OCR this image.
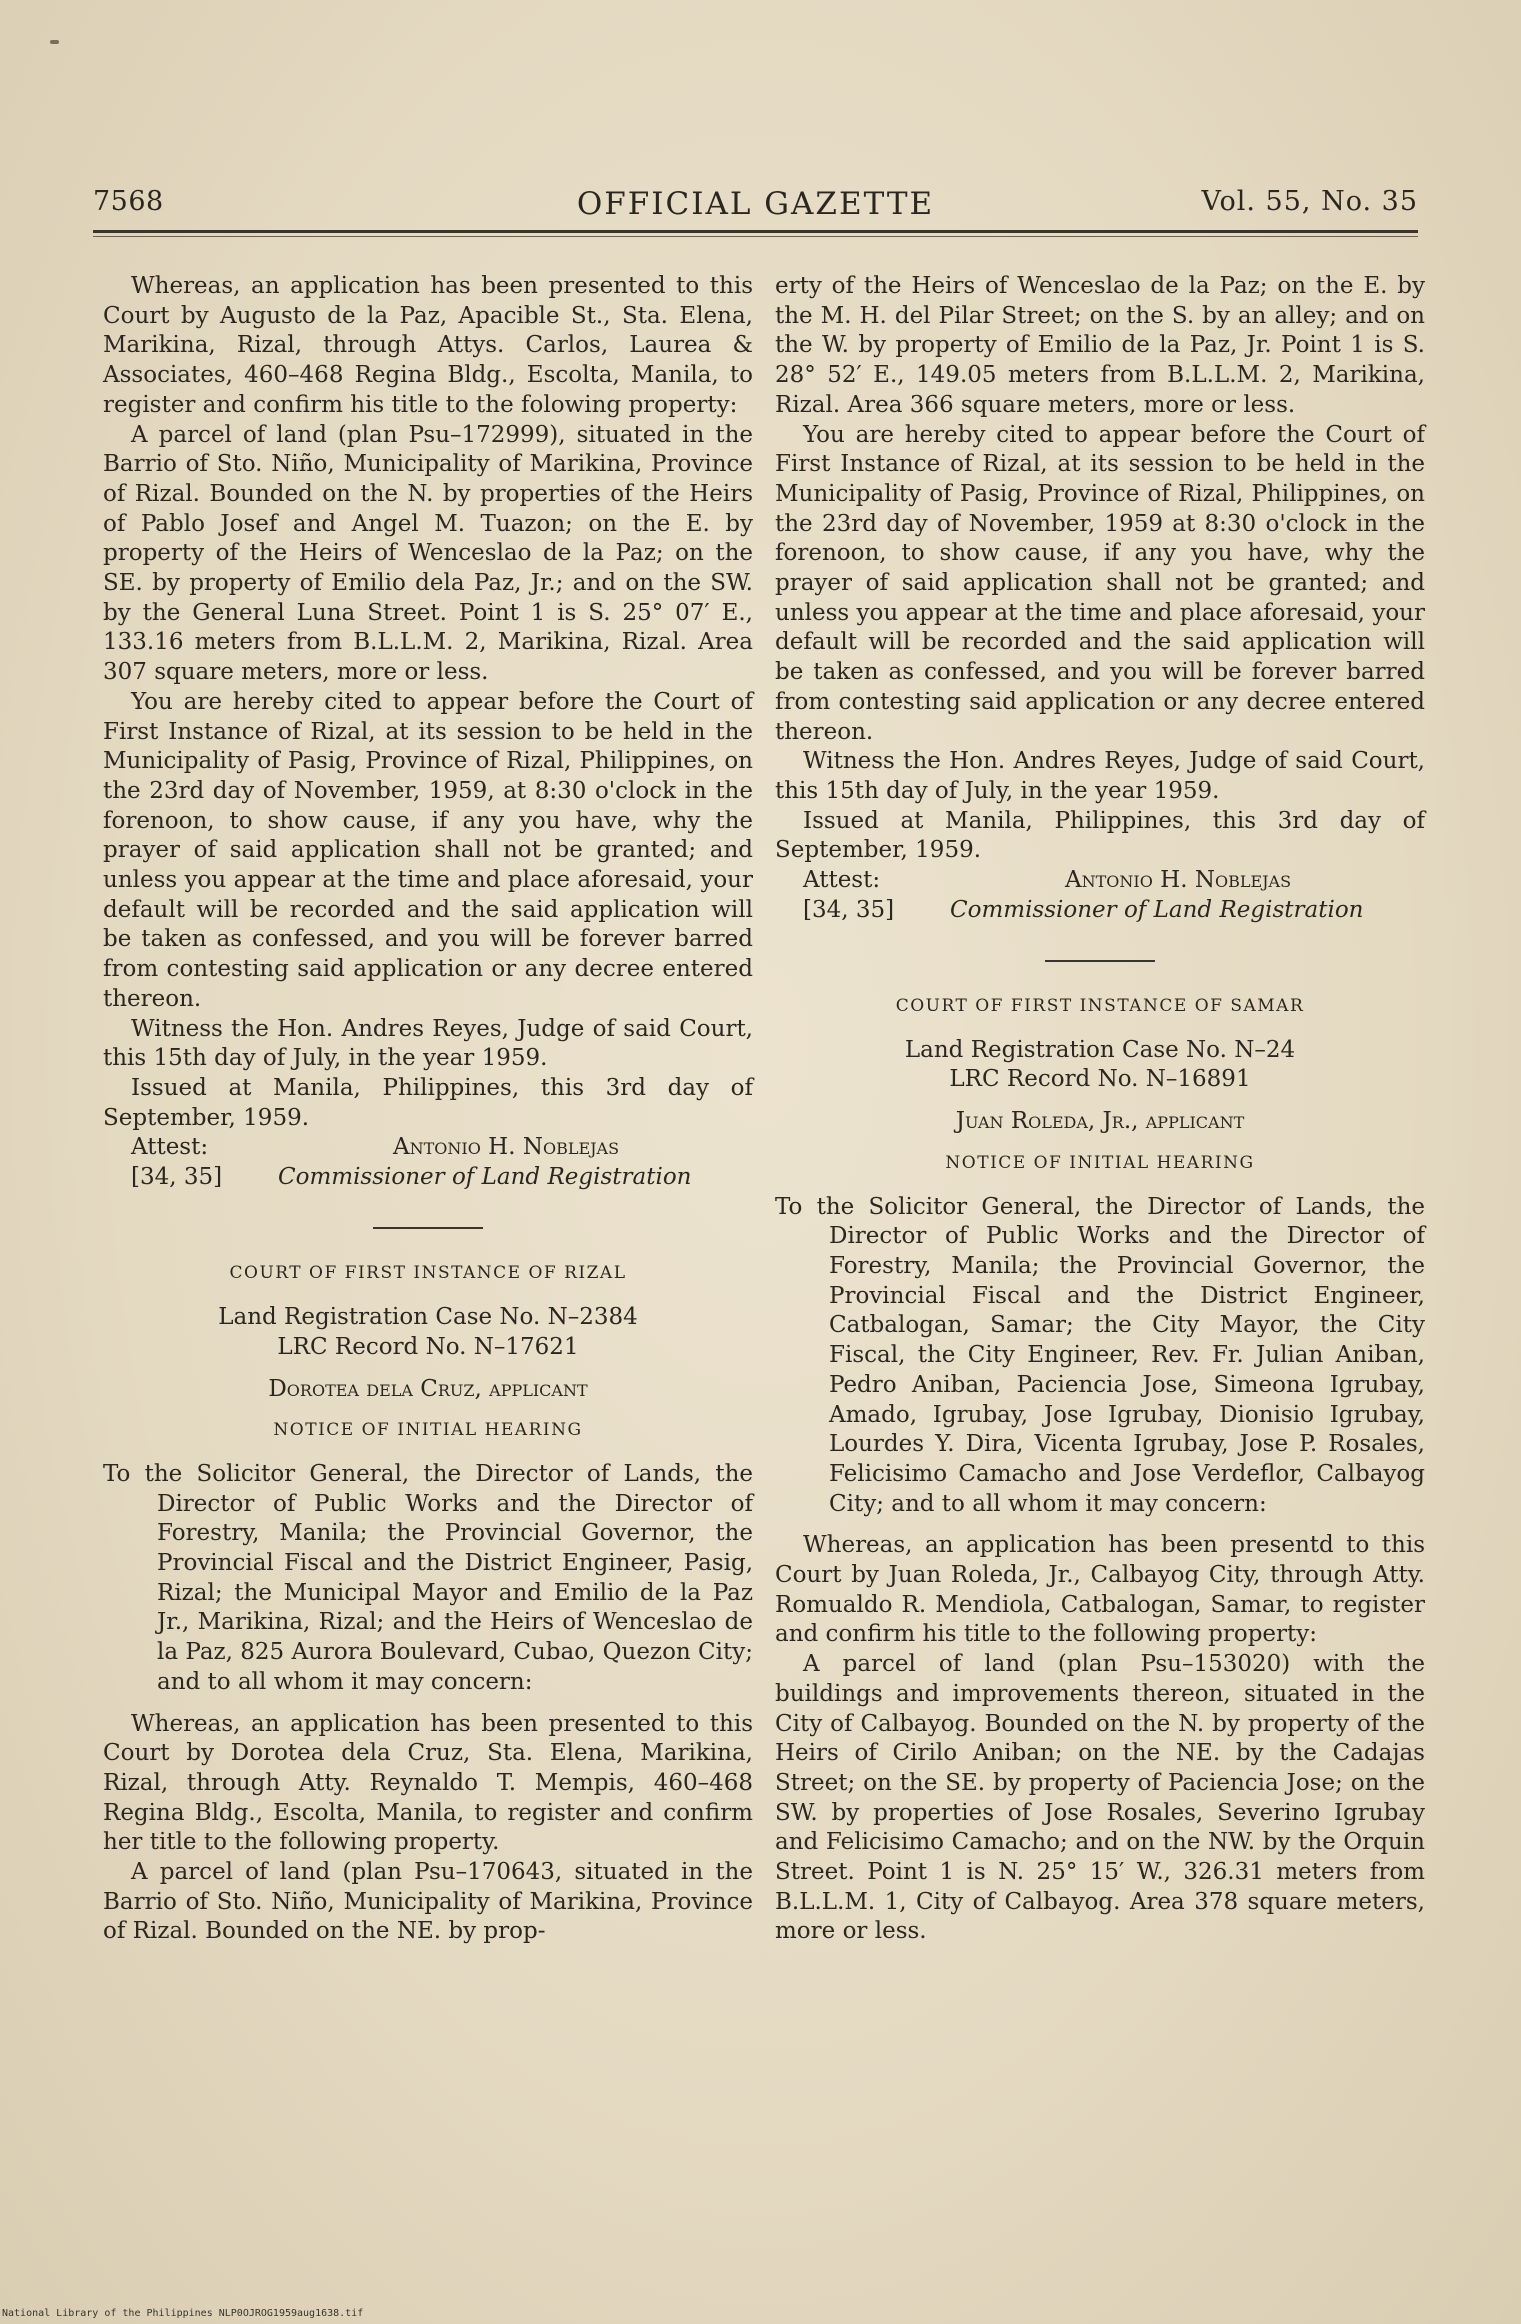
7568	OFFICIAL GAZETTE	Vol. 55, No. 35

Whereas, an application has been presented to this Court by Augusto de la Paz, Apacible St., Sta. Elena, Marikina, Rizal, through Attys. Carlos, Laurea & Associates, 460–468 Regina Bldg., Escolta, Manila, to register and confirm his title to the folowing property:

A parcel of land (plan Psu–172999), situated in the Barrio of Sto. Niño, Municipality of Marikina, Province of Rizal. Bounded on the N. by properties of the Heirs of Pablo Josef and Angel M. Tuazon; on the E. by property of the Heirs of Wenceslao de la Paz; on the SE. by property of Emilio dela Paz, Jr.; and on the SW. by the General Luna Street. Point 1 is S. 25° 07′ E., 133.16 meters from B.L.L.M. 2, Marikina, Rizal. Area 307 square meters, more or less.

You are hereby cited to appear before the Court of First Instance of Rizal, at its session to be held in the Municipality of Pasig, Province of Rizal, Philippines, on the 23rd day of November, 1959, at 8:30 o'clock in the forenoon, to show cause, if any you have, why the prayer of said application shall not be granted; and unless you appear at the time and place aforesaid, your default will be recorded and the said application will be taken as confessed, and you will be forever barred from contesting said application or any decree entered thereon.

Witness the Hon. Andres Reyes, Judge of said Court, this 15th day of July, in the year 1959.

Issued at Manila, Philippines, this 3rd day of September, 1959.

Attest:	Antonio H. Noblejas
[34, 35] Commissioner of Land Registration
COURT OF FIRST INSTANCE OF RIZAL
Land Registration Case No. N–2384
LRC Record No. N–17621
Dorotea dela Cruz, applicant
NOTICE OF INITIAL HEARING
To the Solicitor General, the Director of Lands, the Director of Public Works and the Director of Forestry, Manila; the Provincial Governor, the Provincial Fiscal and the District Engineer, Pasig, Rizal; the Municipal Mayor and Emilio de la Paz Jr., Marikina, Rizal; and the Heirs of Wenceslao de la Paz, 825 Aurora Boulevard, Cubao, Quezon City; and to all whom it may concern:

Whereas, an application has been presented to this Court by Dorotea dela Cruz, Sta. Elena, Marikina, Rizal, through Atty. Reynaldo T. Mempis, 460–468 Regina Bldg., Escolta, Manila, to register and confirm her title to the following property.

A parcel of land (plan Psu–170643, situated in the Barrio of Sto. Niño, Municipality of Marikina, Province of Rizal. Bounded on the NE. by prop-

erty of the Heirs of Wenceslao de la Paz; on the E. by the M. H. del Pilar Street; on the S. by an alley; and on the W. by property of Emilio de la Paz, Jr. Point 1 is S. 28° 52′ E., 149.05 meters from B.L.L.M. 2, Marikina, Rizal. Area 366 square meters, more or less.

You are hereby cited to appear before the Court of First Instance of Rizal, at its session to be held in the Municipality of Pasig, Province of Rizal, Philippines, on the 23rd day of November, 1959 at 8:30 o'clock in the forenoon, to show cause, if any you have, why the prayer of said application shall not be granted; and unless you appear at the time and place aforesaid, your default will be recorded and the said application will be taken as confessed, and you will be forever barred from contesting said application or any decree entered thereon.

Witness the Hon. Andres Reyes, Judge of said Court, this 15th day of July, in the year 1959.

Issued at Manila, Philippines, this 3rd day of September, 1959.

Attest:	Antonio H. Noblejas
[34, 35] Commissioner of Land Registration
COURT OF FIRST INSTANCE OF SAMAR
Land Registration Case No. N–24
LRC Record No. N–16891
Juan Roleda, Jr., applicant
NOTICE OF INITIAL HEARING
To the Solicitor General, the Director of Lands, the Director of Public Works and the Director of Forestry, Manila; the Provincial Governor, the Provincial Fiscal and the District Engineer, Catbalogan, Samar; the City Mayor, the City Fiscal, the City Engineer, Rev. Fr. Julian Aniban, Pedro Aniban, Paciencia Jose, Simeona Igrubay, Amado, Igrubay, Jose Igrubay, Dionisio Igrubay, Lourdes Y. Dira, Vicenta Igrubay, Jose P. Rosales, Felicisimo Camacho and Jose Verdeflor, Calbayog City; and to all whom it may concern:

Whereas, an application has been presentd to this Court by Juan Roleda, Jr., Calbayog City, through Atty. Romualdo R. Mendiola, Catbalogan, Samar, to register and confirm his title to the following property:

A parcel of land (plan Psu–153020) with the buildings and improvements thereon, situated in the City of Calbayog. Bounded on the N. by property of the Heirs of Cirilo Aniban; on the NE. by the Cadajas Street; on the SE. by property of Paciencia Jose; on the SW. by properties of Jose Rosales, Severino Igrubay and Felicisimo Camacho; and on the NW. by the Orquin Street. Point 1 is N. 25° 15′ W., 326.31 meters from B.L.L.M. 1, City of Calbayog. Area 378 square meters, more or less.

National Library of the Philippines NLP0OJROG1959aug1638.tif
